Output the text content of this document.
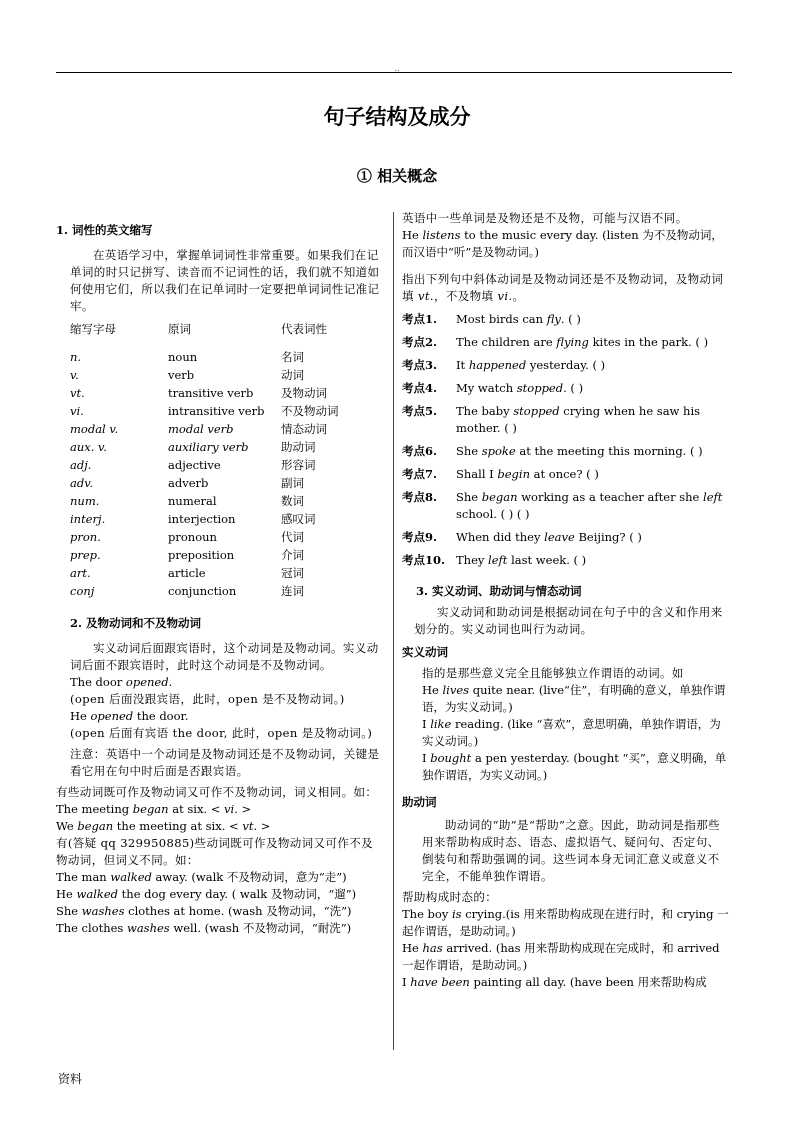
..
句子结构及成分
① 相关概念

1. 词性的英文缩写

在英语学习中，掌握单词词性非常重要。如果我们在记单词的时只记拼写、读音而不记词性的话，我们就不知道如何使用它们，所以我们在记单词时一定要把单词词性记准记牢。

缩写字母	原词	代表词性
n.	noun	名词
v.	verb	动词
vt.	transitive verb	及物动词
vi.	intransitive verb	不及物动词
modal v.	modal verb	情态动词
aux. v.	auxiliary verb	助动词
adj.	adjective	形容词
adv.	adverb	副词
num.	numeral	数词
interj.	interjection	感叹词
pron.	pronoun	代词
prep.	preposition	介词
art.	article	冠词
conj	conjunction	连词

2. 及物动词和不及物动词

实义动词后面跟宾语时，这个动词是及物动词。实义动词后面不跟宾语时，此时这个动词是不及物动词。

The door opened.

(open 后面没跟宾语，此时，open 是不及物动词。)

He opened the door.

(open 后面有宾语 the door, 此时，open 是及物动词。)

注意：英语中一个动词是及物动词还是不及物动词，关键是看它用在句中时后面是否跟宾语。

有些动词既可作及物动词又可作不及物动词，词义相同。如：

The meeting began at six. < vi. >

We began the meeting at six. < vt. >

有(答疑 qq 329950885)些动词既可作及物动词又可作不及物动词，但词义不同。如：

The man walked away. (walk 不及物动词，意为“走”)

He walked the dog every day. ( walk 及物动词，“遛”)

She washes clothes at home. (wash 及物动词，“洗”)

The clothes washes well. (wash 不及物动词，“耐洗”)

英语中一些单词是及物还是不及物，可能与汉语不同。

He listens to the music every day. (listen 为不及物动词，而汉语中“听”是及物动词。)

指出下列句中斜体动词是及物动词还是不及物动词，及物动词填 vt.，不及物填 vi.。

考点1.	Most birds can fly. ( )

考点2.	The children are flying kites in the park. ( )

考点3.	It happened yesterday. ( )

考点4.	My watch stopped. ( )

考点5.	The baby stopped crying when he saw his mother. ( )

考点6.	She spoke at the meeting this morning. ( )

考点7.	Shall I begin at once? ( )

考点8.	She began working as a teacher after she left school. ( ) ( )

考点9.	When did they leave Beijing? ( )

考点10. They left last week. ( )

3. 实义动词、助动词与情态动词

实义动词和助动词是根据动词在句子中的含义和作用来划分的。实义动词也叫行为动词。

实义动词

指的是那些意义完全且能够独立作谓语的动词。如

He lives quite near. (live“住”，有明确的意义，单独作谓语，为实义动词。)

I like reading. (like “喜欢”，意思明确，单独作谓语，为实义动词。)

I bought a pen yesterday. (bought “买”，意义明确，单独作谓语，为实义动词。)

助动词

助动词的“助”是“帮助”之意。因此，助动词是指那些用来帮助构成时态、语态、虚拟语气、疑问句、否定句、倒装句和帮助强调的词。这些词本身无词汇意义或意义不完全，不能单独作谓语。

帮助构成时态的：

The boy is crying.(is 用来帮助构成现在进行时，和 crying 一起作谓语，是助动词。)

He has arrived. (has 用来帮助构成现在完成时，和 arrived 一起作谓语，是助动词。)

I have been painting all day. (have been 用来帮助构成

资料
